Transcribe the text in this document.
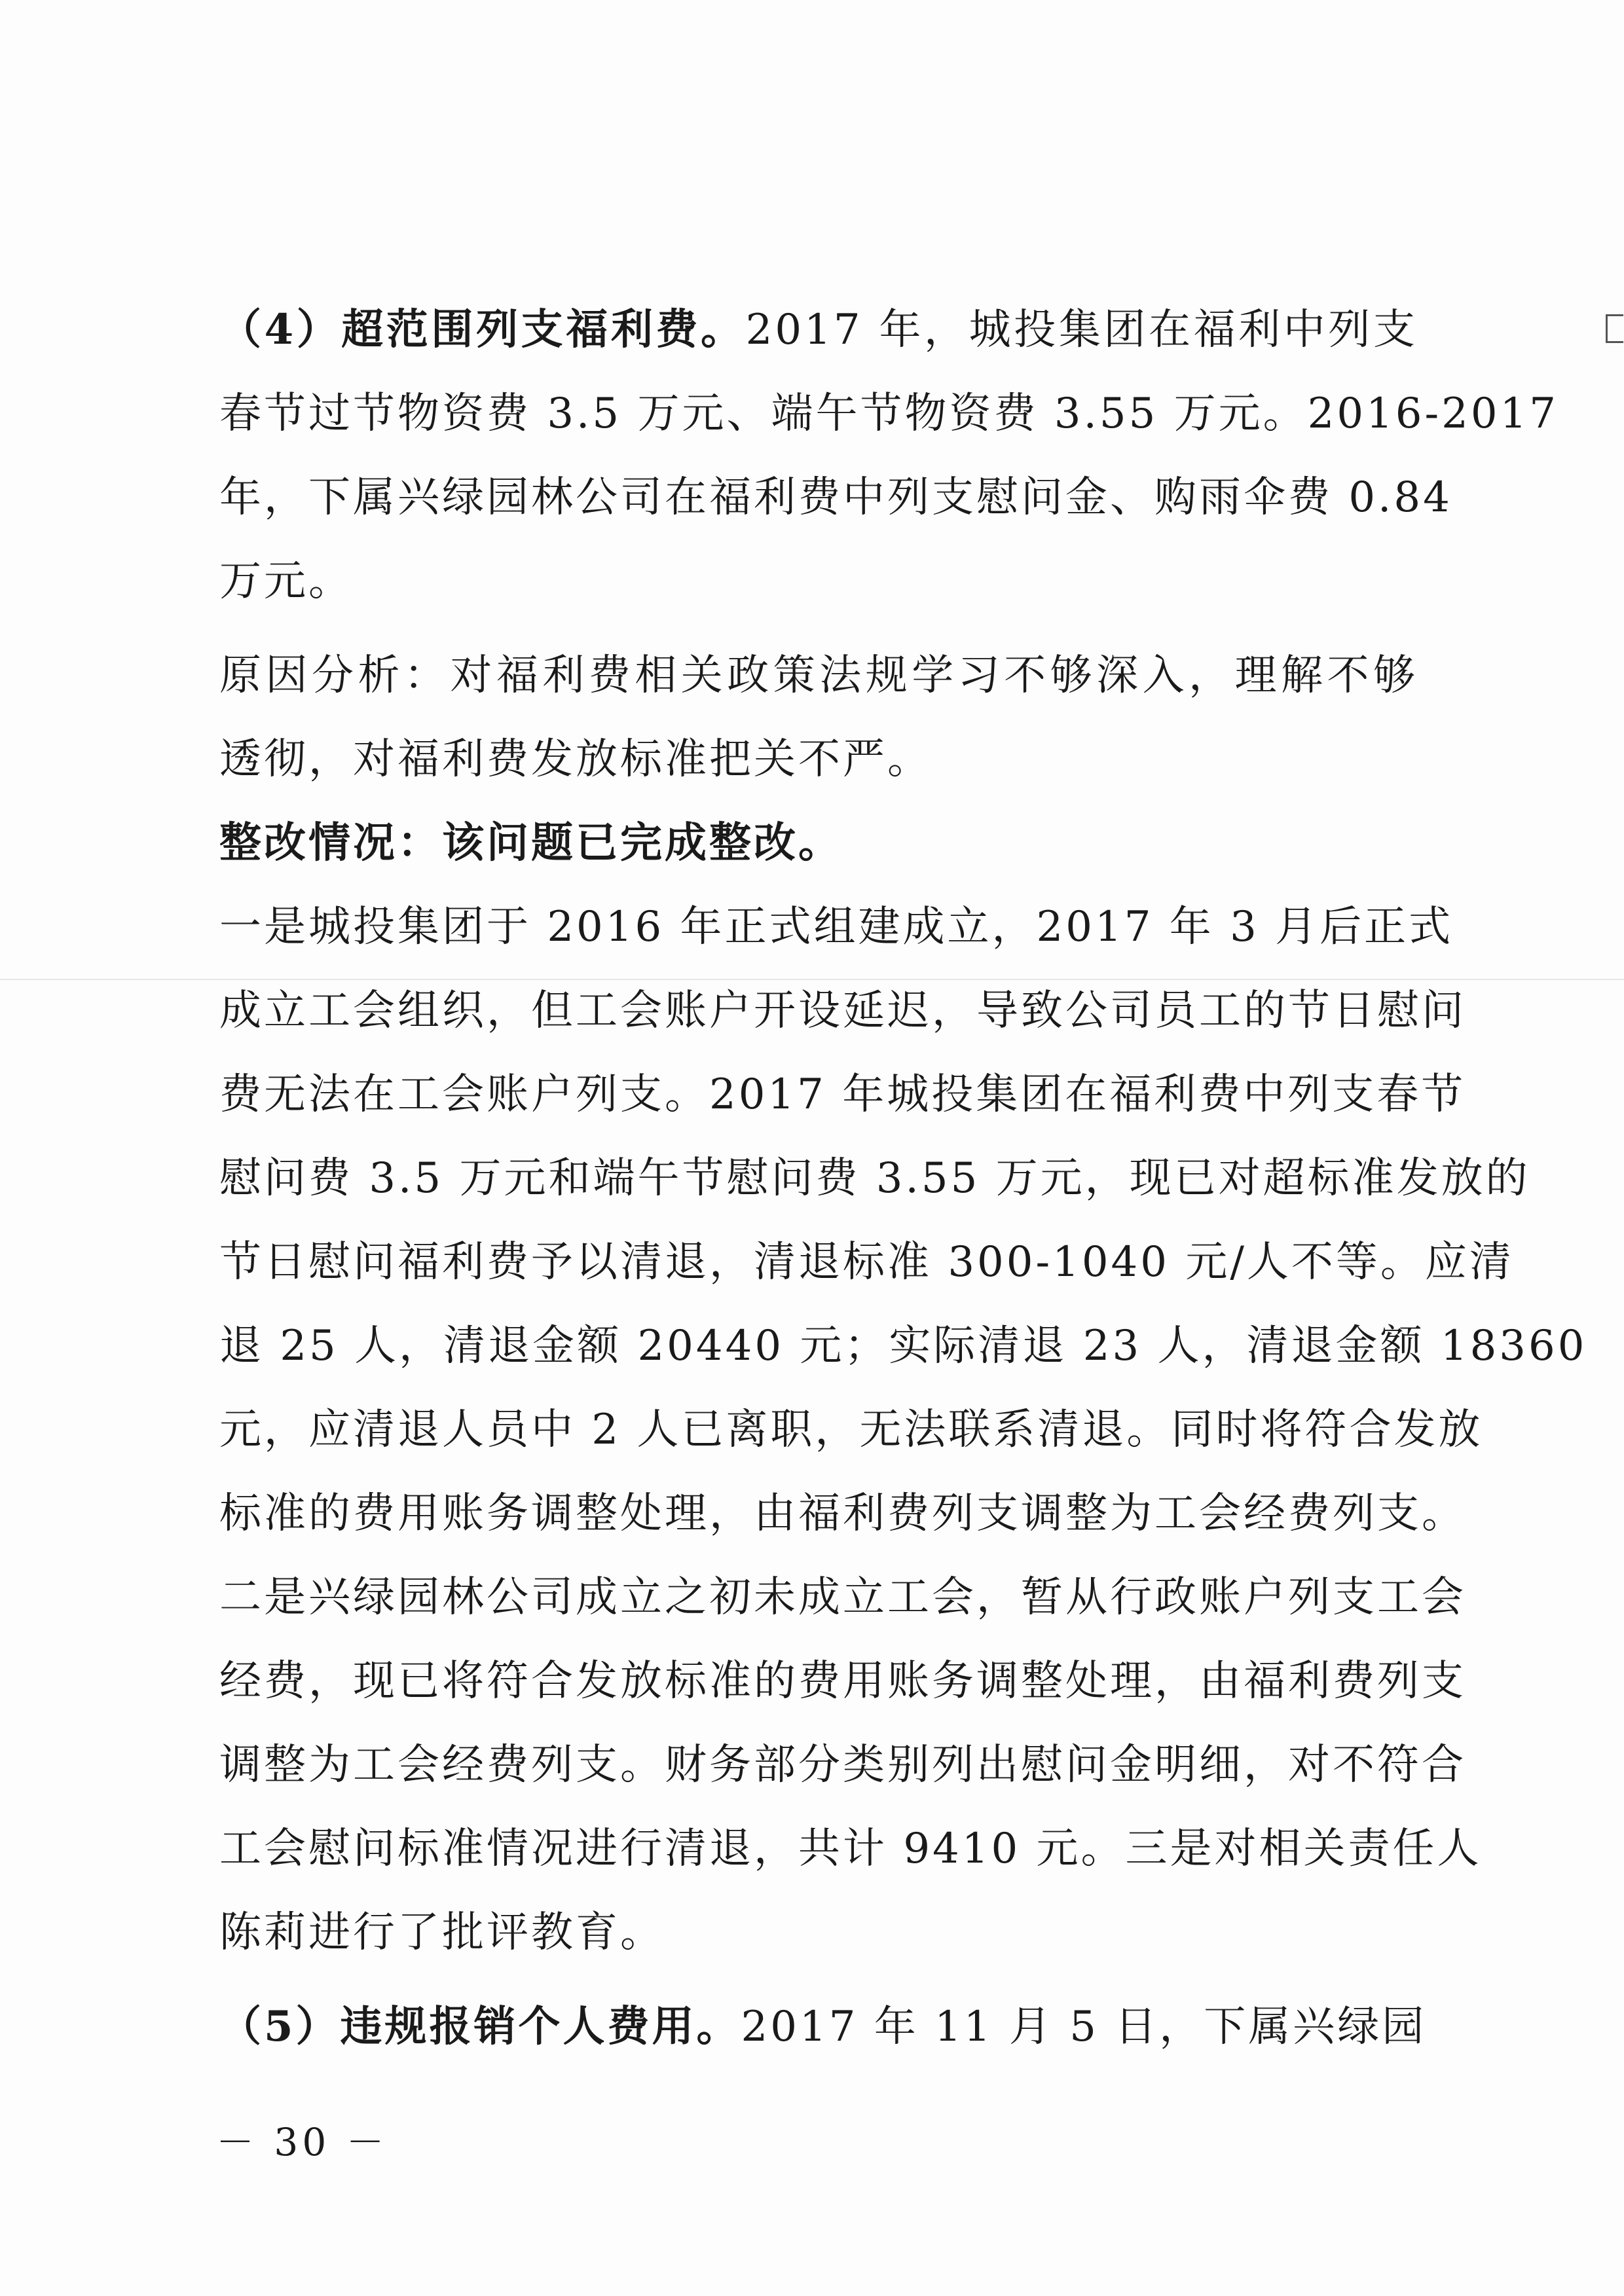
（4）超范围列支福利费。2017 年，城投集团在福利中列支
春节过节物资费 3.5 万元、端午节物资费 3.55 万元。2016-2017
年，下属兴绿园林公司在福利费中列支慰问金、购雨伞费 0.84
万元。
原因分析：对福利费相关政策法规学习不够深入，理解不够
透彻，对福利费发放标准把关不严。
整改情况：该问题已完成整改。
一是城投集团于 2016 年正式组建成立，2017 年 3 月后正式
成立工会组织，但工会账户开设延迟，导致公司员工的节日慰问
费无法在工会账户列支。2017 年城投集团在福利费中列支春节
慰问费 3.5 万元和端午节慰问费 3.55 万元，现已对超标准发放的
节日慰问福利费予以清退，清退标准 300-1040 元/人不等。应清
退 25 人，清退金额 20440 元；实际清退 23 人，清退金额 18360
元，应清退人员中 2 人已离职，无法联系清退。同时将符合发放
标准的费用账务调整处理，由福利费列支调整为工会经费列支。
二是兴绿园林公司成立之初未成立工会，暂从行政账户列支工会
经费，现已将符合发放标准的费用账务调整处理，由福利费列支
调整为工会经费列支。财务部分类别列出慰问金明细，对不符合
工会慰问标准情况进行清退，共计 9410 元。三是对相关责任人
陈莉进行了批评教育。
（5）违规报销个人费用。2017 年 11 月 5 日，下属兴绿园
－ 30 －
